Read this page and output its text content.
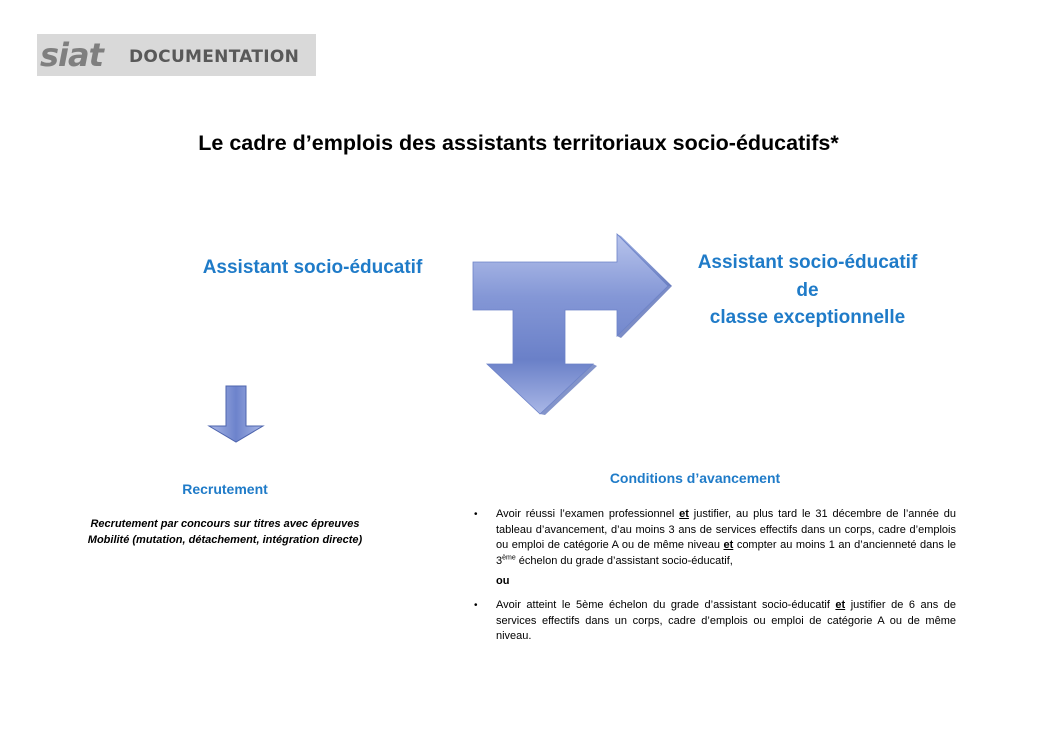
siat DOCUMENTATION
Le cadre d’emplois des assistants territoriaux socio-éducatifs*
Assistant socio-éducatif	Assistant socio-éducatif
de
classe exceptionnelle
Recrutement
Recrutement par concours sur titres avec épreuves
Mobilité (mutation, détachement, intégration directe)
Conditions d’avancement
• Avoir réussi l’examen professionnel et justifier, au plus tard le 31 décembre de l’année du tableau d’avancement, d’au moins 3 ans de services effectifs dans un corps, cadre d’emplois ou emploi de catégorie A ou de même niveau et compter au moins 1 an d’ancienneté dans le 3ème échelon du grade d’assistant socio-éducatif,
ou
• Avoir atteint le 5ème échelon du grade d’assistant socio-éducatif et justifier de 6 ans de services effectifs dans un corps, cadre d’emplois ou emploi de catégorie A ou de même niveau.
